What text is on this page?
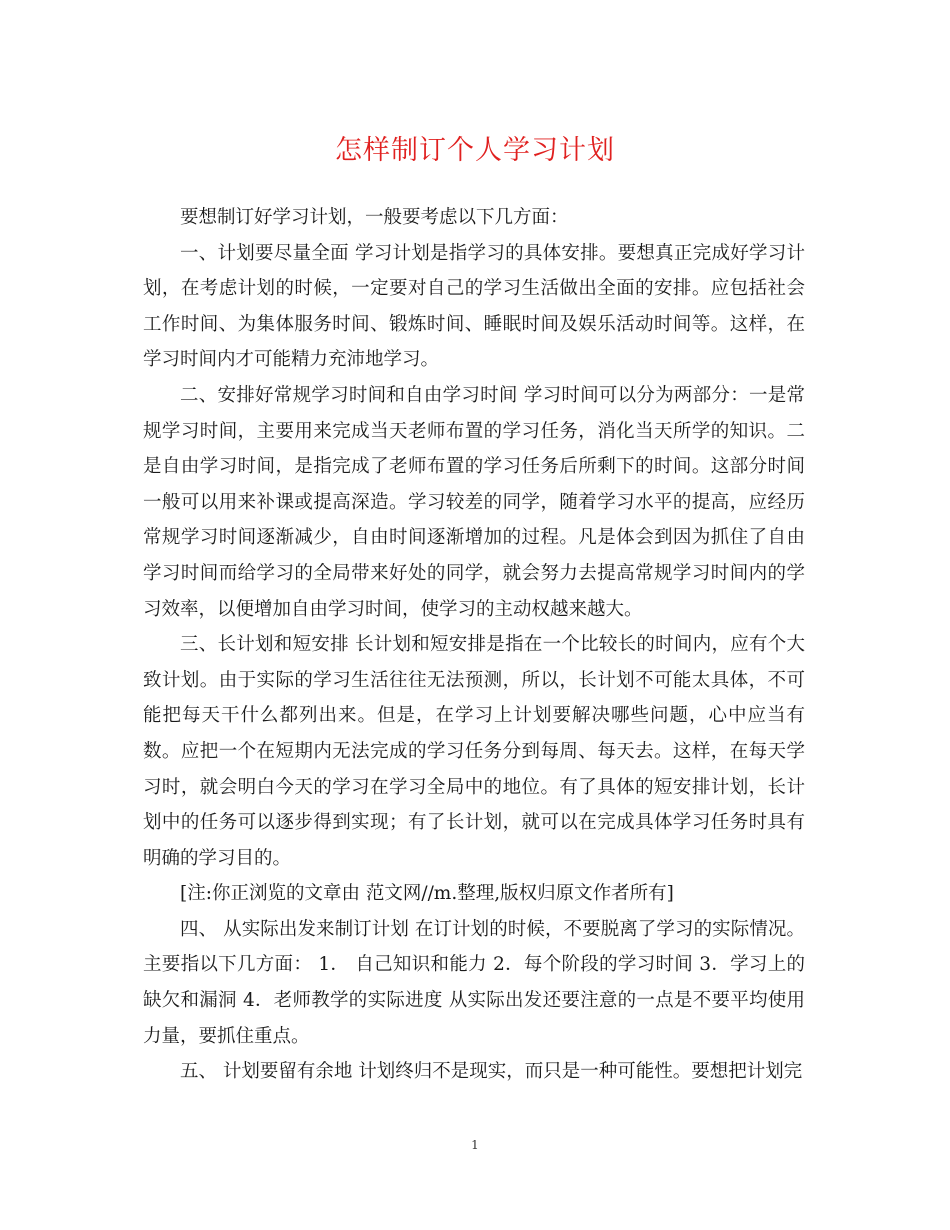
怎样制订个人学习计划

要想制订好学习计划，一般要考虑以下几方面：

一、计划要尽量全面 学习计划是指学习的具体安排。要想真正完成好学习计划，在考虑计划的时候，一定要对自己的学习生活做出全面的安排。应包括社会工作时间、为集体服务时间、锻炼时间、睡眠时间及娱乐活动时间等。这样，在学习时间内才可能精力充沛地学习。

二、安排好常规学习时间和自由学习时间 学习时间可以分为两部分：一是常规学习时间，主要用来完成当天老师布置的学习任务，消化当天所学的知识。二是自由学习时间，是指完成了老师布置的学习任务后所剩下的时间。这部分时间一般可以用来补课或提高深造。学习较差的同学，随着学习水平的提高，应经历常规学习时间逐渐减少，自由时间逐渐增加的过程。凡是体会到因为抓住了自由学习时间而给学习的全局带来好处的同学，就会努力去提高常规学习时间内的学习效率，以便增加自由学习时间，使学习的主动权越来越大。

三、长计划和短安排 长计划和短安排是指在一个比较长的时间内，应有个大致计划。由于实际的学习生活往往无法预测，所以，长计划不可能太具体，不可能把每天干什么都列出来。但是，在学习上计划要解决哪些问题，心中应当有数。应把一个在短期内无法完成的学习任务分到每周、每天去。这样，在每天学习时，就会明白今天的学习在学习全局中的地位。有了具体的短安排计划，长计划中的任务可以逐步得到实现；有了长计划，就可以在完成具体学习任务时具有明确的学习目的。

[注:你正浏览的文章由 范文网//m.整理,版权归原文作者所有]

四、 从实际出发来制订计划 在订计划的时候，不要脱离了学习的实际情况。主要指以下几方面： 1． 自己知识和能力 2．每个阶段的学习时间 3．学习上的缺欠和漏洞 4．老师教学的实际进度 从实际出发还要注意的一点是不要平均使用力量，要抓住重点。

五、 计划要留有余地 计划终归不是现实，而只是一种可能性。要想把计划完

1
